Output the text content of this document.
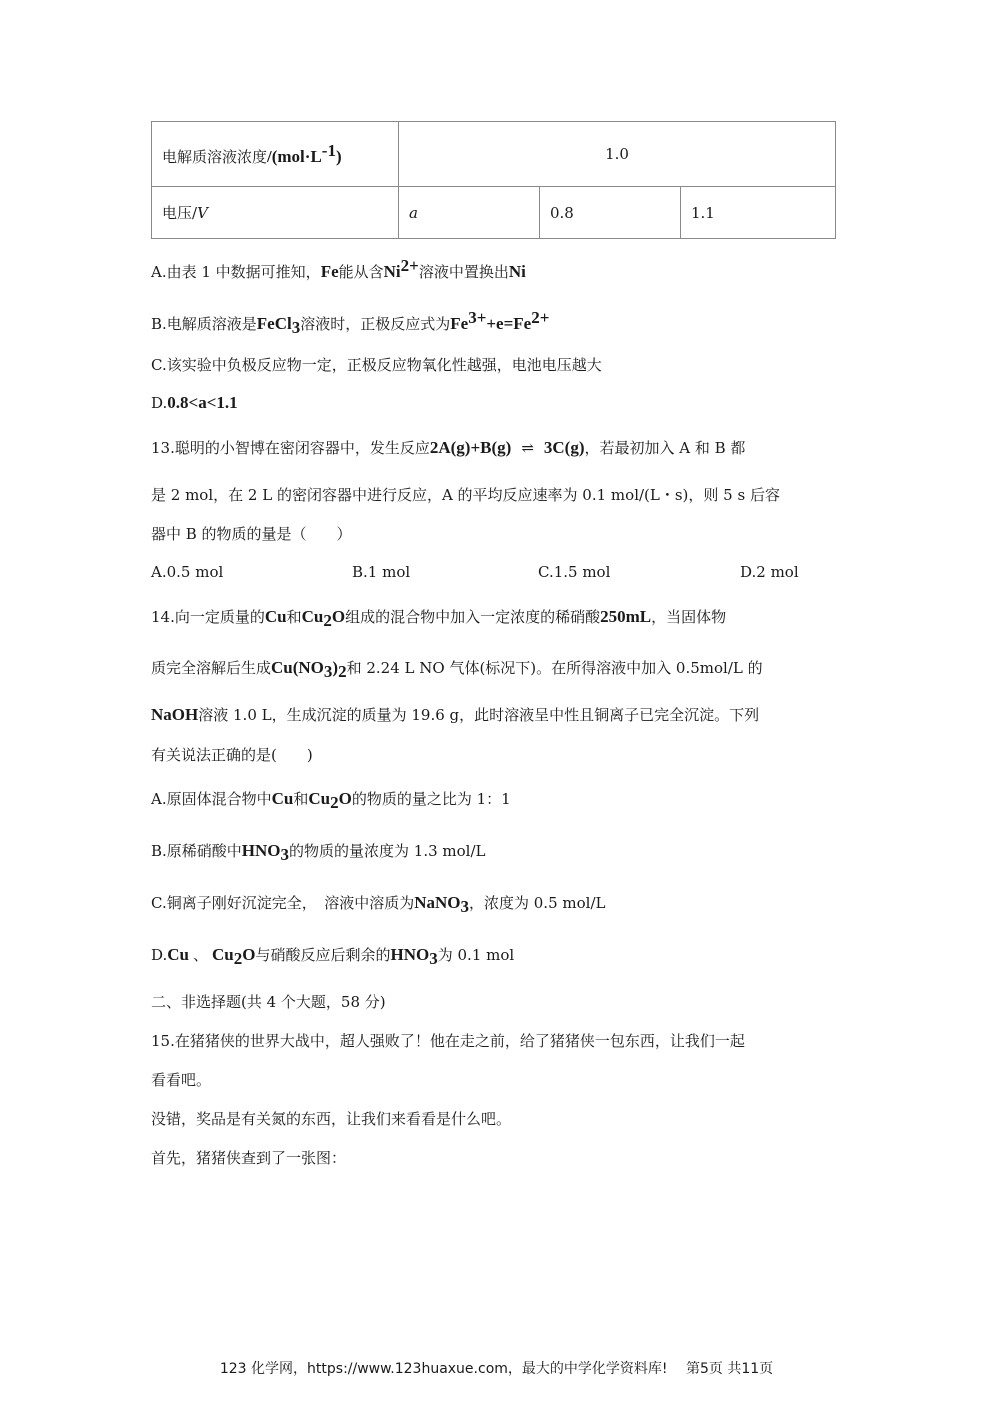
电解质溶液浓度$/(mol\cdot L^{-1})$	1.0		
电压/V	a	0.8	1.1
A.由表 1 中数据可推知，Fe能从含$Ni^{2+}$溶液中置换出Ni
B.电解质溶液是FeCl$_3$溶液时，正极反应式为$Fe^{3+}+e=Fe^{2+}$
C.该实验中负极反应物一定，正极反应物氧化性越强，电池电压越大
D.0.8<a<1.1
13.聪明的小智博在密闭容器中，发生反应2A(g)+B(g) ⇌ 3C(g)，若最初加入 A 和 B 都
是 2 mol，在 2 L 的密闭容器中进行反应，A 的平均反应速率为 0.1 mol/(L・s)，则 5 s 后容
器中 B 的物质的量是（　　）
A.0.5 mol	B.1 mol	C.1.5 mol	D.2 mol
14.向一定质量的Cu和$Cu_2O$组成的混合物中加入一定浓度的稀硝酸250mL，当固体物
质完全溶解后生成$Cu(NO_3)_2$和 2.24 L NO 气体(标况下)。在所得溶液中加入 0.5mol/L 的
NaOH溶液 1.0 L，生成沉淀的质量为 19.6 g，此时溶液呈中性且铜离子已完全沉淀。下列
有关说法正确的是(　　)
A.原固体混合物中Cu和$Cu_2O$的物质的量之比为 1：1
B.原稀硝酸中$HNO_3$的物质的量浓度为 1.3 mol/L
C.铜离子刚好沉淀完全，　溶液中溶质为NaNO$_3$，浓度为 0.5 mol/L
D.Cu 、 $Cu_2O$与硝酸反应后剩余的$HNO_3$为 0.1 mol
二、非选择题(共 4 个大题，58 分)
15.在猪猪侠的世界大战中，超人强败了！他在走之前，给了猪猪侠一包东西，让我们一起
看看吧。
没错，奖品是有关氮的东西，让我们来看看是什么吧。
首先，猪猪侠查到了一张图：
123 化学网，https://www.123huaxue.com，最大的中学化学资料库!　 第5页 共11页
